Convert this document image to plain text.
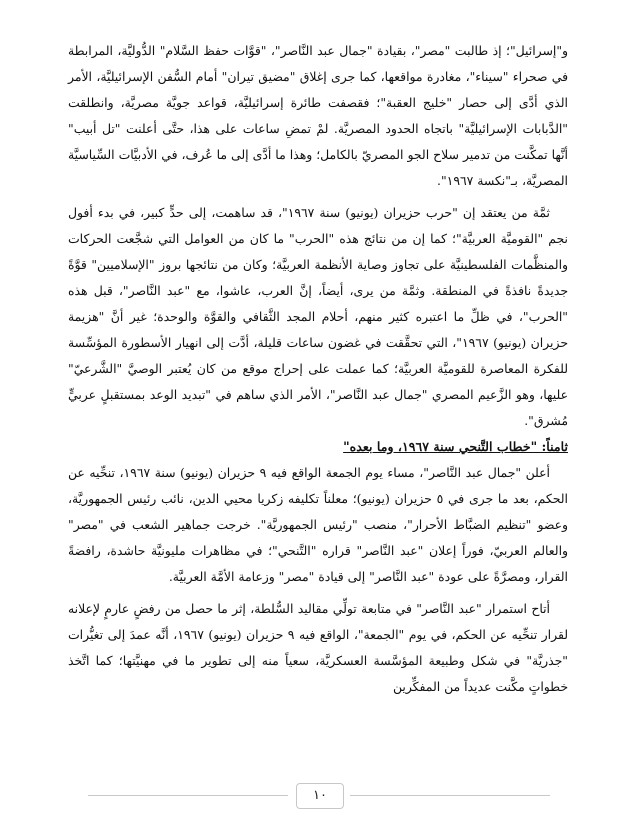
و"إسرائيل"؛ إذ طالبت "مصر"، بقيادة "جمال عبد النَّاصر"، "قوَّات حفظ السَّلام" الدُّوليَّة، المرابطة في صحراء "سيناء"، مغادرة مواقعها، كما جرى إغلاق "مضيق تيران" أمام السُّفن الإسرائيليَّة، الأمر الذي أدَّى إلى حصار "خليج العقبة"؛ فقصفت طائرة إسرائيليَّة، قواعد جويَّة مصريَّة، وانطلقت "الدَّبابات الإسرائيليَّة" باتجاه الحدود المصريَّة. لمْ تمضِ ساعات على هذا، حتَّى أعلنت "تل أبيب" أنَّها تمكَّنت من تدمير سلاح الجو المصريّ بالكامل؛ وهذا ما أدَّى إلى ما عُرف، في الأدبيَّات السِّياسيَّة المصريَّة، بـ"نكسة ١٩٦٧".

ثمَّة من يعتقد إن "حرب حزيران (يونيو) سنة ١٩٦٧"، قد ساهمت، إلى حدٍّ كبير، في بدء أفول نجم "القوميَّة العربيَّة"؛ كما إن من نتائج هذه "الحرب" ما كان من العوامل التي شجَّعت الحركات والمنظَّمات الفلسطينيَّة على تجاوز وصاية الأنظمة العربيَّة؛ وكان من نتائجها بروز "الإسلاميين" قوَّةً جديدةً نافذةً في المنطقة. وثمَّة من يرى، أيضاً، إنَّ العرب، عاشوا، مع "عبد النَّاصر"، قبل هذه "الحرب"، في ظلِّ ما اعتبره كثير منهم، أحلام المجد الثَّقافي والقوَّة والوحدة؛ غير أنَّ "هزيمة حزيران (يونيو) ١٩٦٧"، التي تحقَّقت في غضون ساعات قليلة، أدَّت إلى انهيار الأسطورة المؤسِّسة للفكرة المعاصرة للقوميَّة العربيَّة؛ كما عملت على إحراج موقع من كان يُعتبر الوصيَّ "الشَّرعيّ" عليها، وهو الزَّعيم المصري "جمال عبد النَّاصر"، الأمر الذي ساهم في "تبديد الوعد بمستقبلٍ عربيٍّ مُشرق".

ثامناً: "خطاب التَّنحي سنة ١٩٦٧، وما بعده"

أعلن "جمال عبد النَّاصر"، مساء يوم الجمعة الواقع فيه ٩ حزيران (يونيو) سنة ١٩٦٧، تنحِّيه عن الحكم، بعد ما جرى في ٥ حزيران (يونيو)؛ معلناً تكليفه زكريا محيي الدين، نائب رئيس الجمهوريَّة، وعضو "تنظيم الضبَّاط الأحرار"، منصب "رئيس الجمهوريَّة". خرجت جماهير الشعب في "مصر" والعالم العربيّ، فوراً إعلان "عبد النَّاصر" قراره "التَّنحي"؛ في مظاهرات مليونيَّة حاشدة، رافضةً القرار، ومصرَّةً على عودة "عبد النَّاصر" إلى قيادة "مصر" وزعامة الأمَّة العربيَّة.

أتاح استمرار "عبد النَّاصر" في متابعة تولِّي مقاليد السُّلطة، إثر ما حصل من رفضٍ عارمٍ لإعلانه لقرار تنحِّيه عن الحكم، في يوم "الجمعة"، الواقع فيه ٩ حزيران (يونيو) ١٩٦٧، أنَّه عمدَ إلى تغيُّرات "جذريَّة" في شكل وطبيعة المؤسَّسة العسكريَّة، سعياً منه إلى تطوير ما في مهنيَّتها؛ كما اتَّخذ خطواتٍ مكَّنت عديداً من المفكِّرين

١٠
